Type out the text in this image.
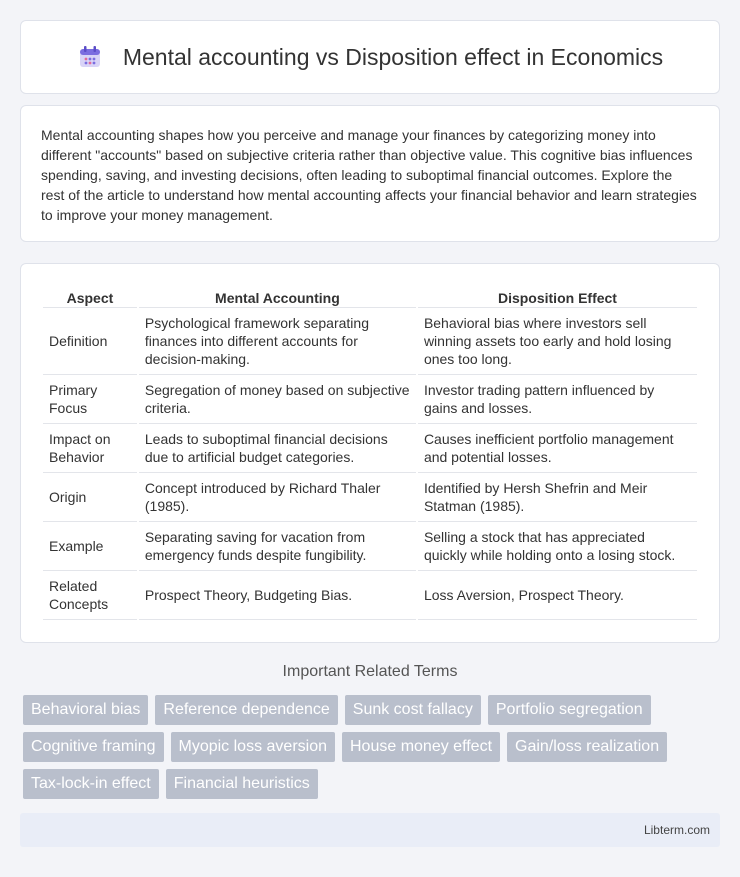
Mental accounting vs Disposition effect in Economics

Mental accounting shapes how you perceive and manage your finances by categorizing money into different "accounts" based on subjective criteria rather than objective value. This cognitive bias influences spending, saving, and investing decisions, often leading to suboptimal financial outcomes. Explore the rest of the article to understand how mental accounting affects your financial behavior and learn strategies to improve your money management.

Aspect	Mental Accounting	Disposition Effect
Definition	Psychological framework separating finances into different accounts for decision-making.	Behavioral bias where investors sell winning assets too early and hold losing ones too long.
Primary Focus	Segregation of money based on subjective criteria.	Investor trading pattern influenced by gains and losses.
Impact on Behavior	Leads to suboptimal financial decisions due to artificial budget categories.	Causes inefficient portfolio management and potential losses.
Origin	Concept introduced by Richard Thaler (1985).	Identified by Hersh Shefrin and Meir Statman (1985).
Example	Separating saving for vacation from emergency funds despite fungibility.	Selling a stock that has appreciated quickly while holding onto a losing stock.
Related Concepts	Prospect Theory, Budgeting Bias.	Loss Aversion, Prospect Theory.
Important Related Terms
Behavioral bias	Reference dependence	Sunk cost fallacy	Portfolio segregation
Cognitive framing	Myopic loss aversion	House money effect	Gain/loss realization
Tax-lock-in effect	Financial heuristics
Libterm.com
